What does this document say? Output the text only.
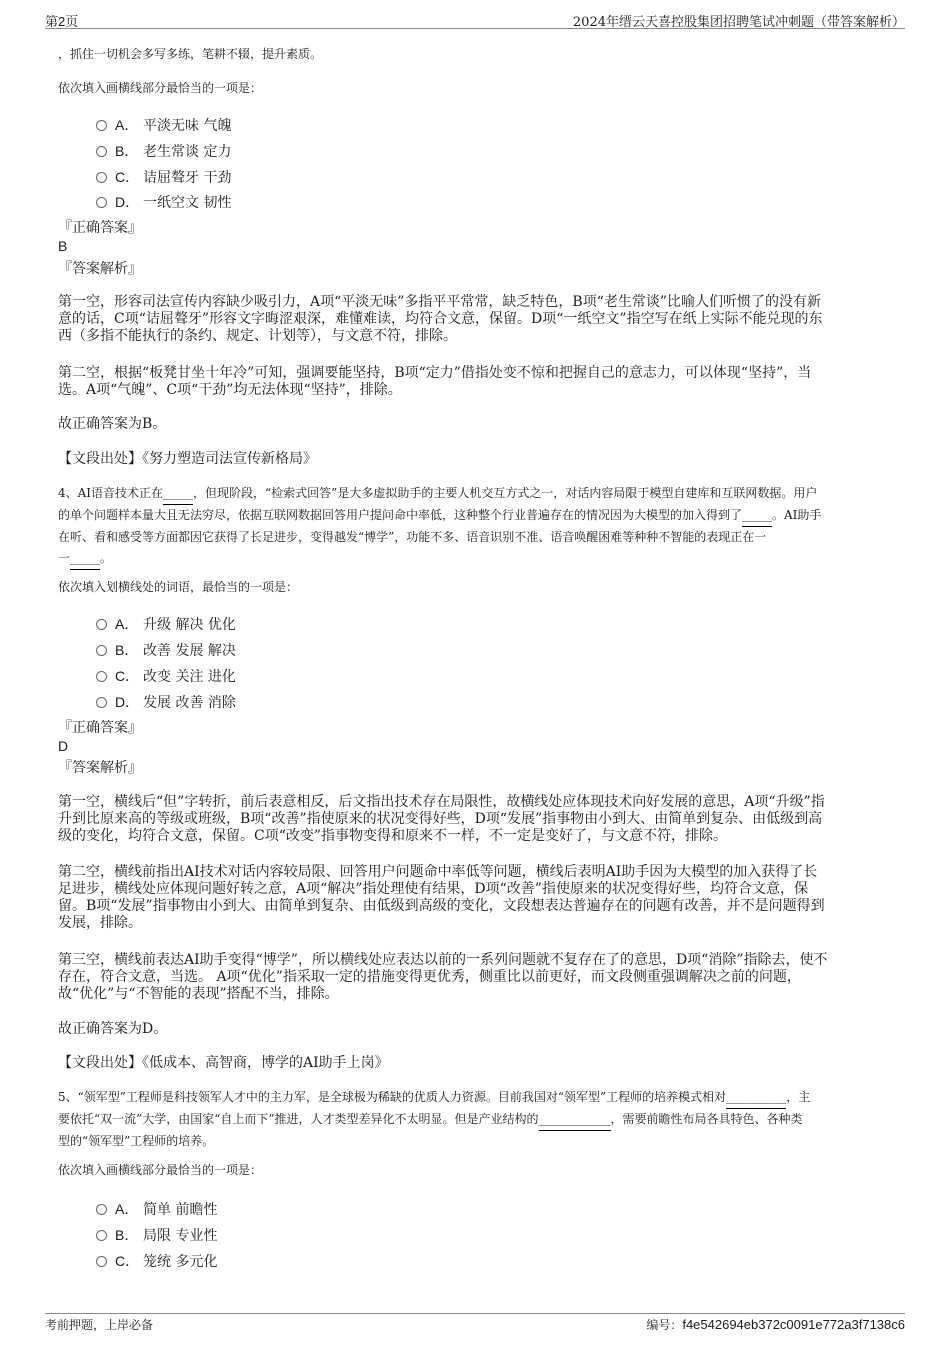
第2页	2024年缙云天喜控股集团招聘笔试冲刺题（带答案解析）
，抓住一切机会多写多练，笔耕不辍，提升素质。
依次填入画横线部分最恰当的一项是：
A． 平淡无味 气魄
B． 老生常谈 定力
C． 诘屈聱牙 干劲
D． 一纸空文 韧性
『正确答案』
B
『答案解析』
第一空，形容司法宣传内容缺少吸引力，A项“平淡无味”多指平平常常，缺乏特色，B项“老生常谈”比喻人们听惯了的没有新
意的话，C项“诘屈聱牙”形容文字晦涩艰深，难懂难读，均符合文意，保留。D项“一纸空文”指空写在纸上实际不能兑现的东
西（多指不能执行的条约、规定、计划等），与文意不符，排除。
第二空，根据“板凳甘坐十年冷”可知，强调要能坚持，B项“定力”借指处变不惊和把握自己的意志力，可以体现“坚持”，当
选。A项“气魄”、C项“干劲”均无法体现“坚持”，排除。
故正确答案为B。
【文段出处】《努力塑造司法宣传新格局》
4、AI语音技术正在_____，但现阶段，“检索式回答”是大多虚拟助手的主要人机交互方式之一，对话内容局限于模型自建库和互联网数据。用户
的单个问题样本量大且无法穷尽，依据互联网数据回答用户提问命中率低，这种整个行业普遍存在的情况因为大模型的加入得到了_____。AI助手
在听、看和感受等方面都因它获得了长足进步，变得越发“博学”，功能不多、语音识别不准、语音唤醒困难等种种不智能的表现正在一
一_____。
依次填入划横线处的词语，最恰当的一项是：
A． 升级 解决 优化
B． 改善 发展 解决
C． 改变 关注 进化
D． 发展 改善 消除
『正确答案』
D
『答案解析』
第一空，横线后“但”字转折，前后表意相反，后文指出技术存在局限性，故横线处应体现技术向好发展的意思，A项“升级”指
升到比原来高的等级或班级，B项“改善”指使原来的状况变得好些，D项“发展”指事物由小到大、由简单到复杂、由低级到高
级的变化，均符合文意，保留。C项“改变”指事物变得和原来不一样，不一定是变好了，与文意不符，排除。
第二空，横线前指出AI技术对话内容较局限、回答用户问题命中率低等问题，横线后表明AI助手因为大模型的加入获得了长
足进步，横线处应体现问题好转之意，A项“解决”指处理使有结果，D项“改善”指使原来的状况变得好些，均符合文意，保
留。B项“发展”指事物由小到大、由简单到复杂、由低级到高级的变化，文段想表达普遍存在的问题有改善，并不是问题得到
发展，排除。
第三空，横线前表达AI助手变得“博学”，所以横线处应表达以前的一系列问题就不复存在了的意思，D项“消除”指除去，使不
存在，符合文意，当选。 A项“优化”指采取一定的措施变得更优秀，侧重比以前更好，而文段侧重强调解决之前的问题，
故“优化”与“不智能的表现”搭配不当，排除。
故正确答案为D。
【文段出处】《低成本、高智商，博学的AI助手上岗》
5、“领军型”工程师是科技领军人才中的主力军，是全球极为稀缺的优质人力资源。目前我国对“领军型”工程师的培养模式相对__________，主
要依托“双一流”大学，由国家“自上而下”推进，人才类型差异化不太明显。但是产业结构的____________，需要前瞻性布局各具特色、各种类
型的“领军型”工程师的培养。
依次填入画横线部分最恰当的一项是：
A． 简单 前瞻性
B． 局限 专业性
C． 笼统 多元化
考前押题，上岸必备	编号：f4e542694eb372c0091e772a3f7138c6
